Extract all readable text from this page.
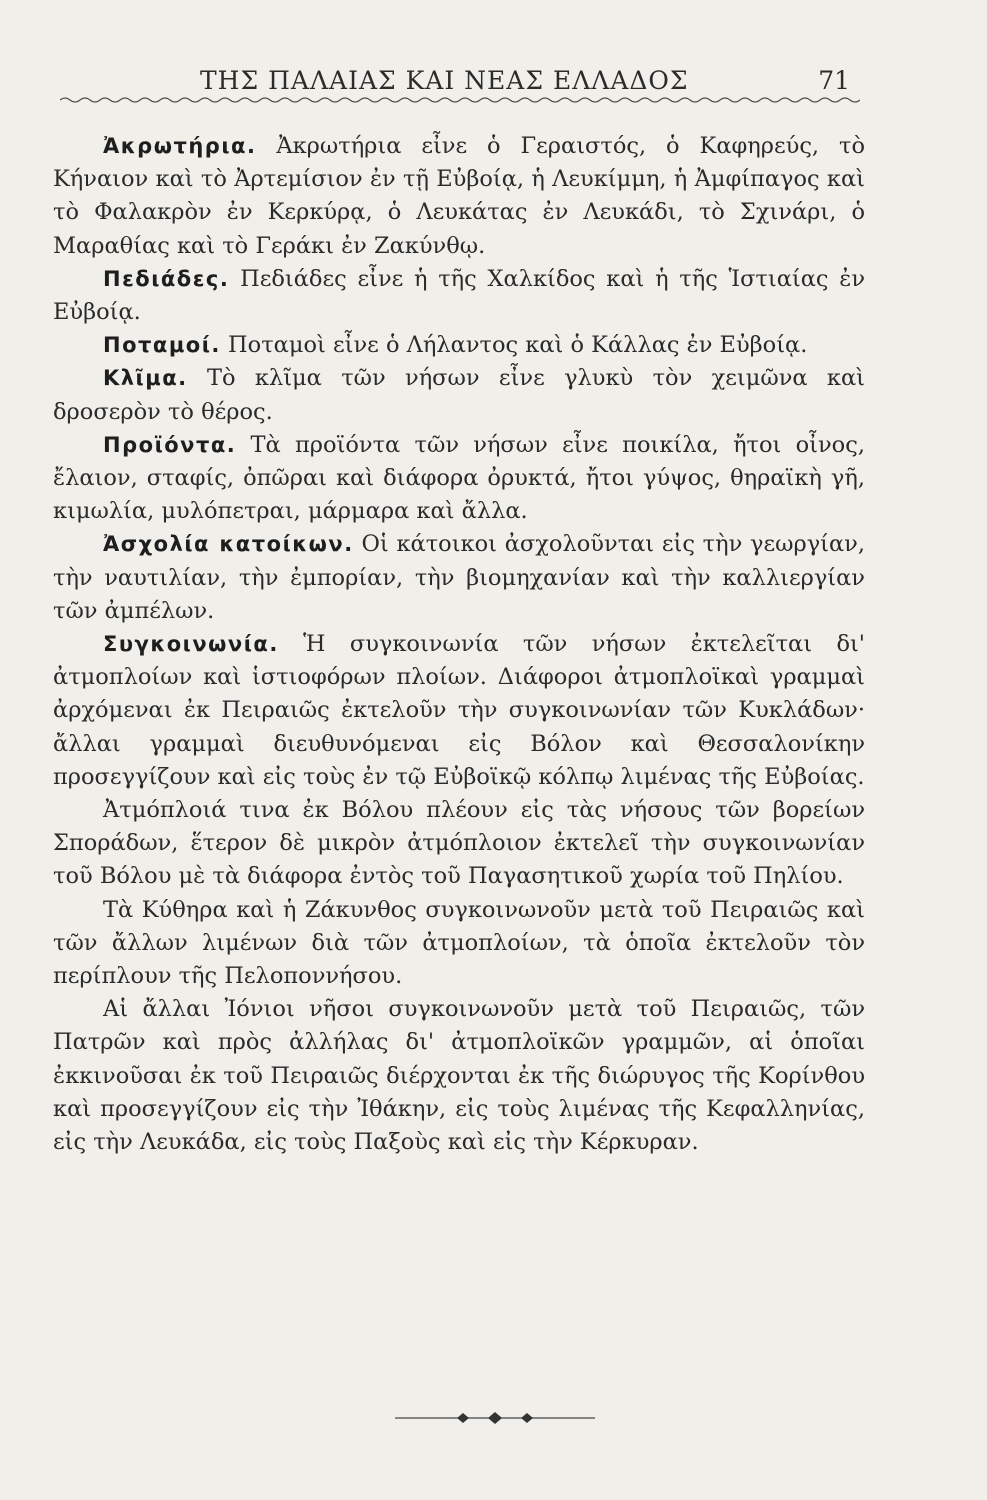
ΤΗΣ ΠΑΛΑΙΑΣ ΚΑΙ ΝΕΑΣ ΕΛΛΑΔΟΣ	71

Ἀκρωτήρια. Ἀκρωτήρια εἶνε ὁ Γεραιστός, ὁ Καφηρεύς, τὸ Κήναιον καὶ τὸ Ἀρτεμίσιον ἐν τῇ Εὐβοίᾳ, ἡ Λευκίμμη, ἡ Ἀμφίπαγος καὶ τὸ Φαλακρὸν ἐν Κερκύρᾳ, ὁ Λευκάτας ἐν Λευκάδι, τὸ Σχινάρι, ὁ Μαραθίας καὶ τὸ Γεράκι ἐν Ζακύνθῳ.

Πεδιάδες. Πεδιάδες εἶνε ἡ τῆς Χαλκίδος καὶ ἡ τῆς Ἱστιαίας ἐν Εὐβοίᾳ.

Ποταμοί. Ποταμοὶ εἶνε ὁ Λήλαντος καὶ ὁ Κάλλας ἐν Εὐβοίᾳ.

Κλῖμα. Τὸ κλῖμα τῶν νήσων εἶνε γλυκὺ τὸν χειμῶνα καὶ δροσερὸν τὸ θέρος.

Προϊόντα. Τὰ προϊόντα τῶν νήσων εἶνε ποικίλα, ἤτοι οἶνος, ἔλαιον, σταφίς, ὀπῶραι καὶ διάφορα ὀρυκτά, ἤτοι γύψος, θηραϊκὴ γῆ, κιμωλία, μυλόπετραι, μάρμαρα καὶ ἄλλα.

Ἀσχολία κατοίκων. Οἱ κάτοικοι ἀσχολοῦνται εἰς τὴν γεωργίαν, τὴν ναυτιλίαν, τὴν ἐμπορίαν, τὴν βιομηχανίαν καὶ τὴν καλλιεργίαν τῶν ἀμπέλων.

Συγκοινωνία. Ἡ συγκοινωνία τῶν νήσων ἐκτελεῖται δι' ἀτμοπλοίων καὶ ἱστιοφόρων πλοίων. Διάφοροι ἀτμοπλοϊκαὶ γραμμαὶ ἀρχόμεναι ἐκ Πειραιῶς ἐκτελοῦν τὴν συγκοινωνίαν τῶν Κυκλάδων· ἄλλαι γραμμαὶ διευθυνόμεναι εἰς Βόλον καὶ Θεσσαλονίκην προσεγγίζουν καὶ εἰς τοὺς ἐν τῷ Εὐβοϊκῷ κόλπῳ λιμένας τῆς Εὐβοίας.

Ἀτμόπλοιά τινα ἐκ Βόλου πλέουν εἰς τὰς νήσους τῶν βορείων Σποράδων, ἕτερον δὲ μικρὸν ἀτμόπλοιον ἐκτελεῖ τὴν συγκοινωνίαν τοῦ Βόλου μὲ τὰ διάφορα ἐντὸς τοῦ Παγασητικοῦ χωρία τοῦ Πηλίου.

Τὰ Κύθηρα καὶ ἡ Ζάκυνθος συγκοινωνοῦν μετὰ τοῦ Πειραιῶς καὶ τῶν ἄλλων λιμένων διὰ τῶν ἀτμοπλοίων, τὰ ὁποῖα ἐκτελοῦν τὸν περίπλουν τῆς Πελοποννήσου.

Αἱ ἄλλαι Ἰόνιοι νῆσοι συγκοινωνοῦν μετὰ τοῦ Πειραιῶς, τῶν Πατρῶν καὶ πρὸς ἀλλήλας δι' ἀτμοπλοϊκῶν γραμμῶν, αἱ ὁποῖαι ἐκκινοῦσαι ἐκ τοῦ Πειραιῶς διέρχονται ἐκ τῆς διώρυγος τῆς Κορίνθου καὶ προσεγγίζουν εἰς τὴν Ἰθάκην, εἰς τοὺς λιμένας τῆς Κεφαλληνίας, εἰς τὴν Λευκάδα, εἰς τοὺς Παξοὺς καὶ εἰς τὴν Κέρκυραν.
